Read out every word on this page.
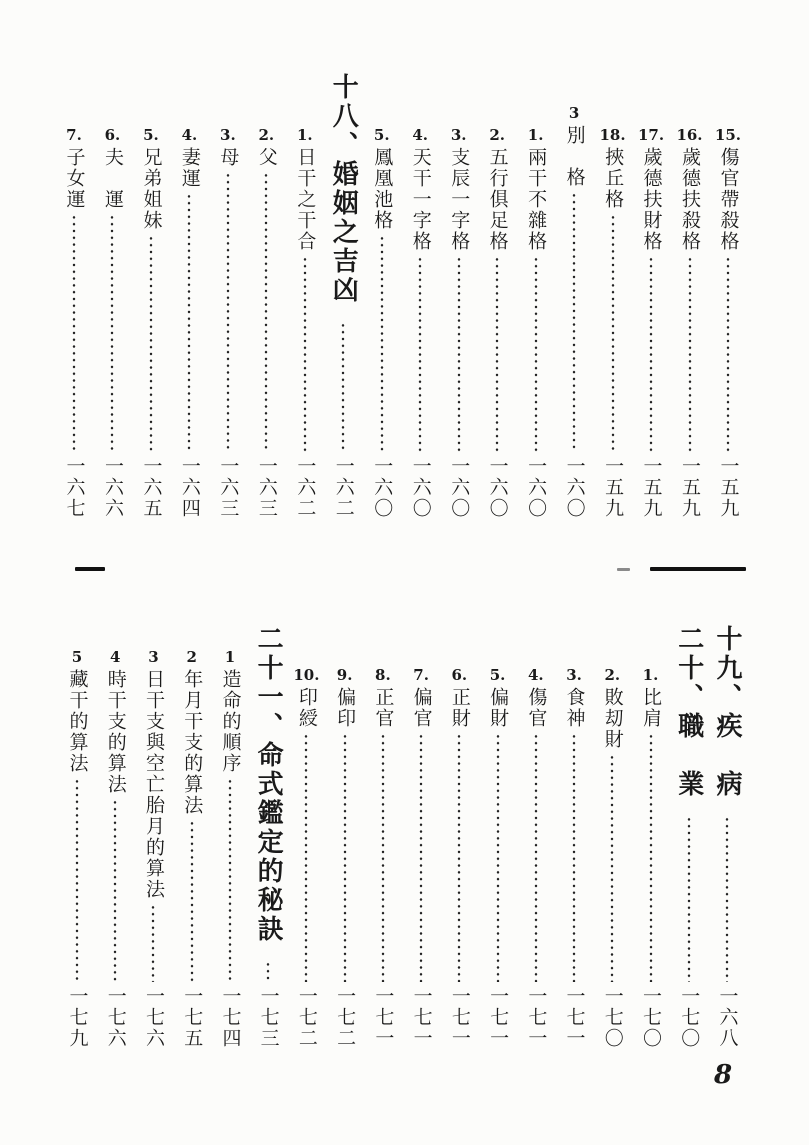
15.
傷官帶殺格
一五九
16.
歲德扶殺格
一五九
17.
歲德扶財格
一五九
18.
挾丘格
一五九
3
別　格
一六〇
1.
兩干不雜格
一六〇
2.
五行俱足格
一六〇
3.
支辰一字格
一六〇
4.
天干一字格
一六〇
5.
鳳凰池格
一六〇
十八、婚姻之吉凶
一六二
1.
日干之干合
一六二
2.
父
一六三
3.
母
一六三
4.
妻運
一六四
5.
兄弟姐妹
一六五
6.
夫　運
一六六
7.
子女運
一六七
十九、疾　病
一六八
二十、職　業
一七〇
1.
比肩
一七〇
2.
敗刧財
一七〇
3.
食神
一七一
4.
傷官
一七一
5.
偏財
一七一
6.
正財
一七一
7.
偏官
一七一
8.
正官
一七一
9.
偏印
一七二
10.
印綬
一七二
二十一、命式鑑定的秘訣
一七三
1
造命的順序
一七四
2
年月干支的算法
一七五
3
日干支與空亡胎月的算法
一七六
4
時干支的算法
一七六
5
藏干的算法
一七九
8
